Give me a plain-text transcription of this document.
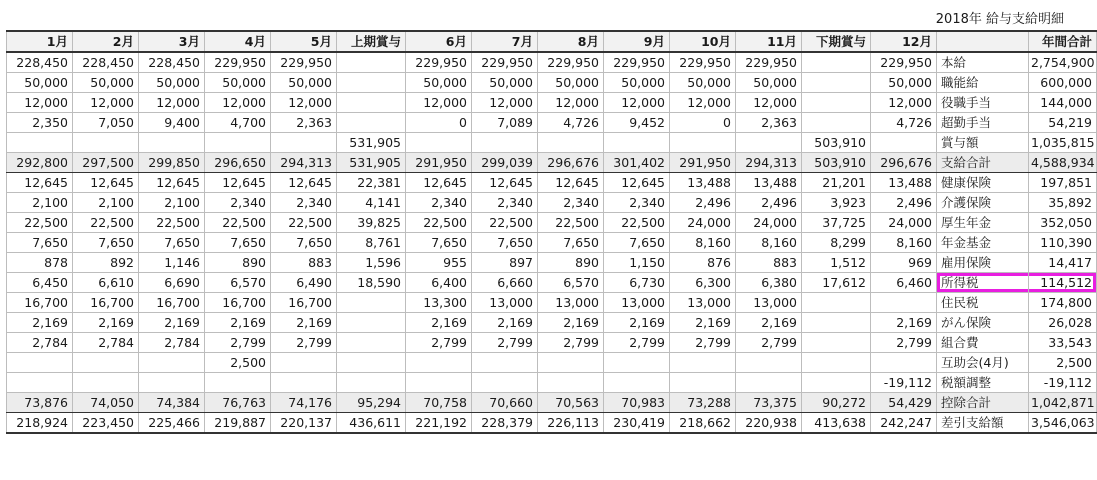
2018年 給与支給明細
1月	2月	3月	4月	5月	上期賞与	6月	7月	8月	9月	10月	11月	下期賞与	12月		年間合計
228,450	228,450	228,450	229,950	229,950		229,950	229,950	229,950	229,950	229,950	229,950		229,950	本給	2,754,900
50,000	50,000	50,000	50,000	50,000		50,000	50,000	50,000	50,000	50,000	50,000		50,000	職能給	600,000
12,000	12,000	12,000	12,000	12,000		12,000	12,000	12,000	12,000	12,000	12,000		12,000	役職手当	144,000
2,350	7,050	9,400	4,700	2,363		0	7,089	4,726	9,452	0	2,363		4,726	超勤手当	54,219
					531,905							503,910		賞与額	1,035,815
292,800	297,500	299,850	296,650	294,313	531,905	291,950	299,039	296,676	301,402	291,950	294,313	503,910	296,676	支給合計	4,588,934
12,645	12,645	12,645	12,645	12,645	22,381	12,645	12,645	12,645	12,645	13,488	13,488	21,201	13,488	健康保険	197,851
2,100	2,100	2,100	2,340	2,340	4,141	2,340	2,340	2,340	2,340	2,496	2,496	3,923	2,496	介護保険	35,892
22,500	22,500	22,500	22,500	22,500	39,825	22,500	22,500	22,500	22,500	24,000	24,000	37,725	24,000	厚生年金	352,050
7,650	7,650	7,650	7,650	7,650	8,761	7,650	7,650	7,650	7,650	8,160	8,160	8,299	8,160	年金基金	110,390
878	892	1,146	890	883	1,596	955	897	890	1,150	876	883	1,512	969	雇用保険	14,417
6,450	6,610	6,690	6,570	6,490	18,590	6,400	6,660	6,570	6,730	6,300	6,380	17,612	6,460	所得税	114,512
16,700	16,700	16,700	16,700	16,700		13,300	13,000	13,000	13,000	13,000	13,000			住民税	174,800
2,169	2,169	2,169	2,169	2,169		2,169	2,169	2,169	2,169	2,169	2,169		2,169	がん保険	26,028
2,784	2,784	2,784	2,799	2,799		2,799	2,799	2,799	2,799	2,799	2,799		2,799	組合費	33,543
			2,500											互助会(4月)	2,500
													-19,112	税額調整	-19,112
73,876	74,050	74,384	76,763	74,176	95,294	70,758	70,660	70,563	70,983	73,288	73,375	90,272	54,429	控除合計	1,042,871
218,924	223,450	225,466	219,887	220,137	436,611	221,192	228,379	226,113	230,419	218,662	220,938	413,638	242,247	差引支給額	3,546,063
